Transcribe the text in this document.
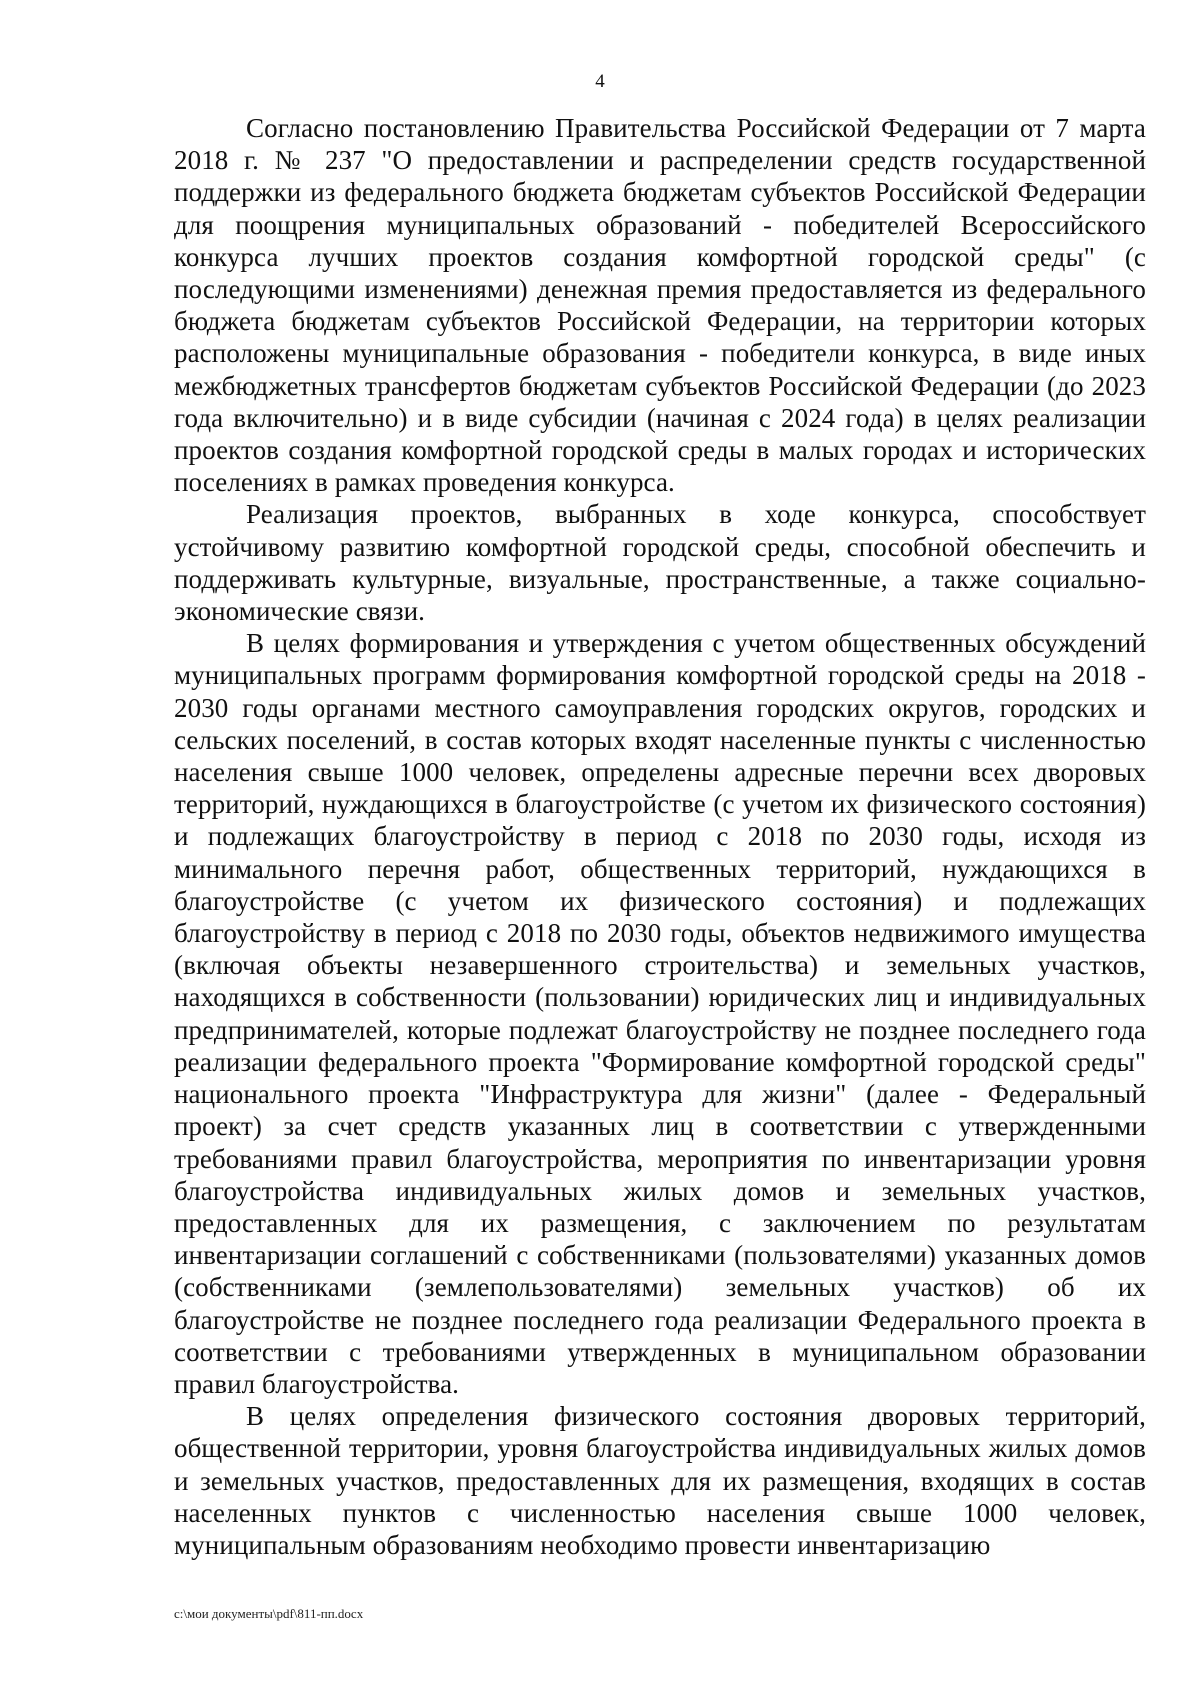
4

Согласно постановлению Правительства Российской Федерации от 7 марта 2018 г. № 237 "О предоставлении и распределении средств государственной поддержки из федерального бюджета бюджетам субъектов Российской Федерации для поощрения муниципальных образований - победителей Всероссийского конкурса лучших проектов создания комфортной городской среды" (с последующими изменениями) денежная премия предоставляется из федерального бюджета бюджетам субъектов Российской Федерации, на территории которых расположены муниципальные образования - победители конкурса, в виде иных межбюджетных трансфертов бюджетам субъектов Российской Федерации (до 2023 года включительно) и в виде субсидии (начиная с 2024 года) в целях реализации проектов создания комфортной городской среды в малых городах и исторических поселениях в рамках проведения конкурса.

Реализация проектов, выбранных в ходе конкурса, способствует устойчивому развитию комфортной городской среды, способной обеспечить и поддерживать культурные, визуальные, пространственные, а также социально-экономические связи.

В целях формирования и утверждения с учетом общественных обсуждений муниципальных программ формирования комфортной городской среды на 2018 - 2030 годы органами местного самоуправления городских округов, городских и сельских поселений, в состав которых входят населенные пункты с численностью населения свыше 1000 человек, определены адресные перечни всех дворовых территорий, нуждающихся в благоустройстве (с учетом их физического состояния) и подлежащих благоустройству в период с 2018 по 2030 годы, исходя из минимального перечня работ, общественных территорий, нуждающихся в благоустройстве (с учетом их физического состояния) и подлежащих благоустройству в период с 2018 по 2030 годы, объектов недвижимого имущества (включая объекты незавершенного строительства) и земельных участков, находящихся в собственности (пользовании) юридических лиц и индивидуальных предпринимателей, которые подлежат благоустройству не позднее последнего года реализации федерального проекта "Формирование комфортной городской среды" национального проекта "Инфраструктура для жизни" (далее - Федеральный проект) за счет средств указанных лиц в соответствии с утвержденными требованиями правил благоустройства, мероприятия по инвентаризации уровня благоустройства индивидуальных жилых домов и земельных участков, предоставленных для их размещения, с заключением по результатам инвентаризации соглашений с собственниками (пользователями) указанных домов (собственниками (землепользователями) земельных участков) об их благоустройстве не позднее последнего года реализации Федерального проекта в соответствии с требованиями утвержденных в муниципальном образовании правил благоустройства.

В целях определения физического состояния дворовых территорий, общественной территории, уровня благоустройства индивидуальных жилых домов и земельных участков, предоставленных для их размещения, входящих в состав населенных пунктов с численностью населения свыше 1000 человек, муниципальным образованиям необходимо провести инвентаризацию

c:\мои документы\pdf\811-пп.docx
